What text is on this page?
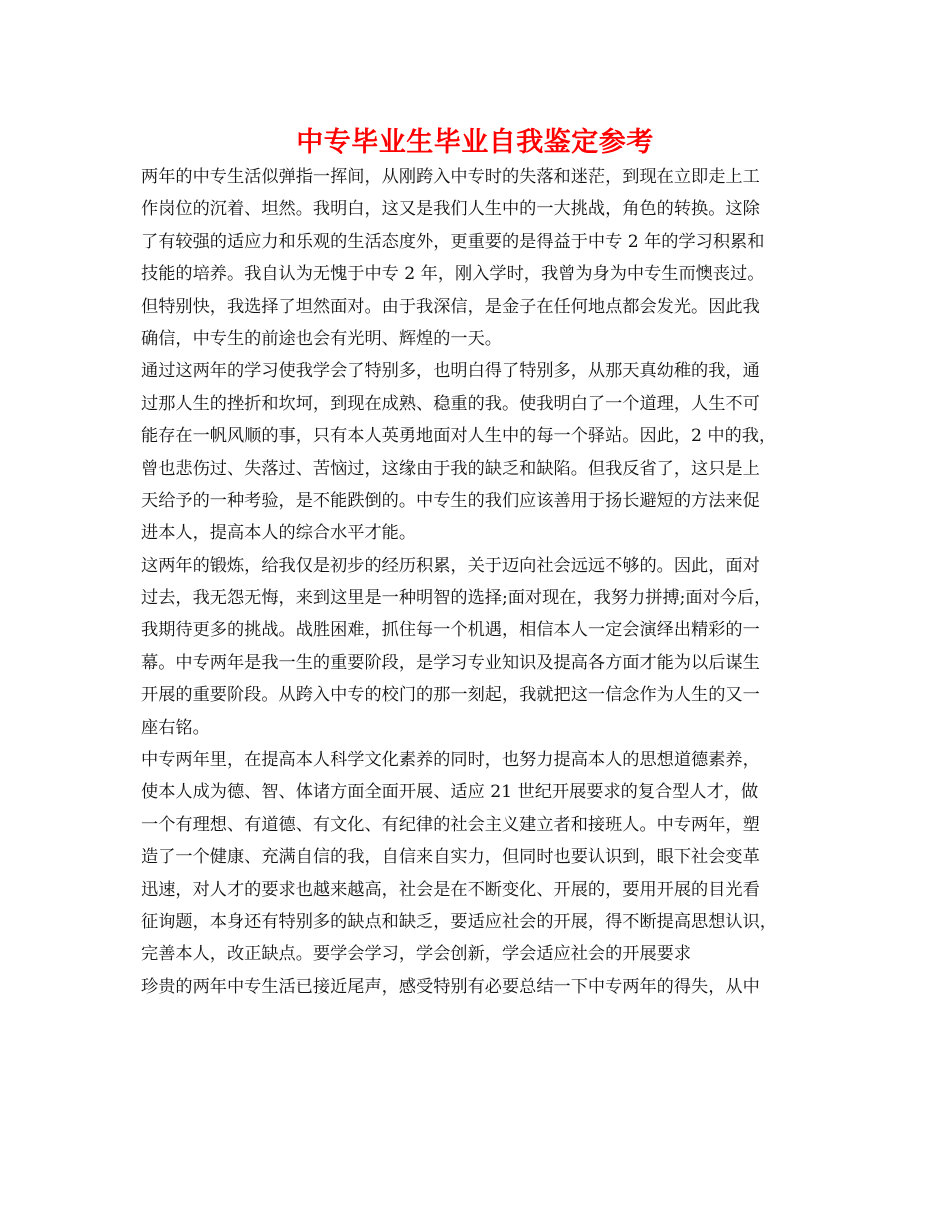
中专毕业生毕业自我鉴定参考
两年的中专生活似弹指一挥间，从刚跨入中专时的失落和迷茫，到现在立即走上工
作岗位的沉着、坦然。我明白，这又是我们人生中的一大挑战，角色的转换。这除
了有较强的适应力和乐观的生活态度外，更重要的是得益于中专 2 年的学习积累和
技能的培养。我自认为无愧于中专 2 年，刚入学时，我曾为身为中专生而懊丧过。
但特别快，我选择了坦然面对。由于我深信，是金子在任何地点都会发光。因此我
确信，中专生的前途也会有光明、辉煌的一天。
通过这两年的学习使我学会了特别多，也明白得了特别多，从那天真幼稚的我，通
过那人生的挫折和坎坷，到现在成熟、稳重的我。使我明白了一个道理，人生不可
能存在一帆风顺的事，只有本人英勇地面对人生中的每一个驿站。因此，2 中的我，
曾也悲伤过、失落过、苦恼过，这缘由于我的缺乏和缺陷。但我反省了，这只是上
天给予的一种考验，是不能跌倒的。中专生的我们应该善用于扬长避短的方法来促
进本人，提高本人的综合水平才能。
这两年的锻炼，给我仅是初步的经历积累，关于迈向社会远远不够的。因此，面对
过去，我无怨无悔，来到这里是一种明智的选择;面对现在，我努力拼搏;面对今后，
我期待更多的挑战。战胜困难，抓住每一个机遇，相信本人一定会演绎出精彩的一
幕。中专两年是我一生的重要阶段，是学习专业知识及提高各方面才能为以后谋生
开展的重要阶段。从跨入中专的校门的那一刻起，我就把这一信念作为人生的又一
座右铭。
中专两年里，在提高本人科学文化素养的同时，也努力提高本人的思想道德素养，
使本人成为德、智、体诸方面全面开展、适应 21 世纪开展要求的复合型人才，做
一个有理想、有道德、有文化、有纪律的社会主义建立者和接班人。中专两年，塑
造了一个健康、充满自信的我，自信来自实力，但同时也要认识到，眼下社会变革
迅速，对人才的要求也越来越高，社会是在不断变化、开展的，要用开展的目光看
征询题，本身还有特别多的缺点和缺乏，要适应社会的开展，得不断提高思想认识，
完善本人，改正缺点。要学会学习，学会创新，学会适应社会的开展要求
珍贵的两年中专生活已接近尾声，感受特别有必要总结一下中专两年的得失，从中
